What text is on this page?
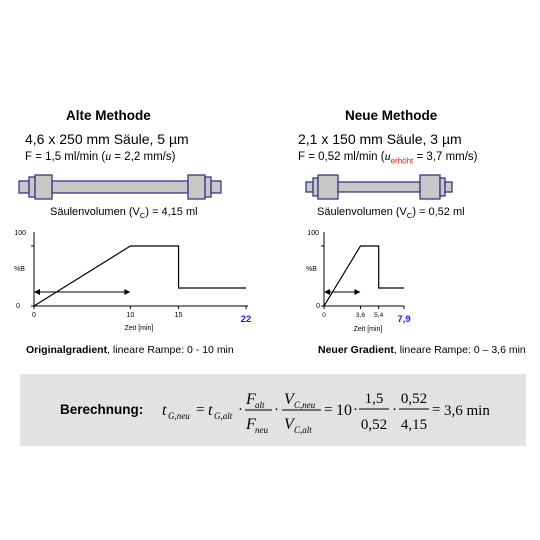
Alte Methode
4,6 x 250 mm Säule, 5 µm
F = 1,5 ml/min (u = 2,2 mm/s)
Säulenvolumen $(V_C) = 4,15$ ml
100
%B
0
0	10	15	22
Zeit [min]
Originalgradient, lineare Rampe: 0 - 10 min
Neue Methode
2,1 x 150 mm Säule, 3 µm
F = 0,52 ml/min ($u_{erhöht} = 3,7$ mm/s)
Säulenvolumen $(V_C) = 0,52$ ml
100
%B
0
0	3,6 5,4 7,9
Zeit [min]
Neuer Gradient, lineare Rampe: 0 – 3,6 min
Berechnung: t G,neu = t G,alt ·
F alt
F neu
·
V C,neu
V C,alt
= 10 ·
1,5
0,52
·
0,52
4,15
= 3,6 min
